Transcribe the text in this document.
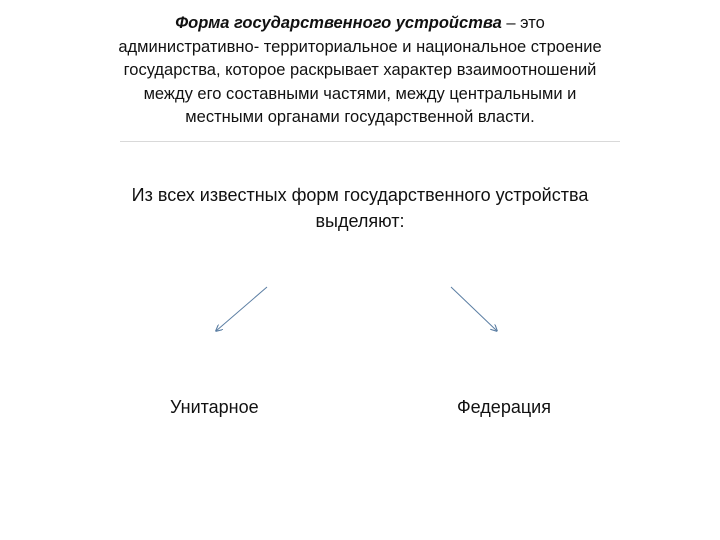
Форма государственного устройства – это административно- территориальное и национальное строение государства, которое раскрывает характер взаимоотношений между его составными частями, между центральными и местными органами государственной власти.
Из всех известных форм государственного устройства выделяют:
Унитарное	Федерация
